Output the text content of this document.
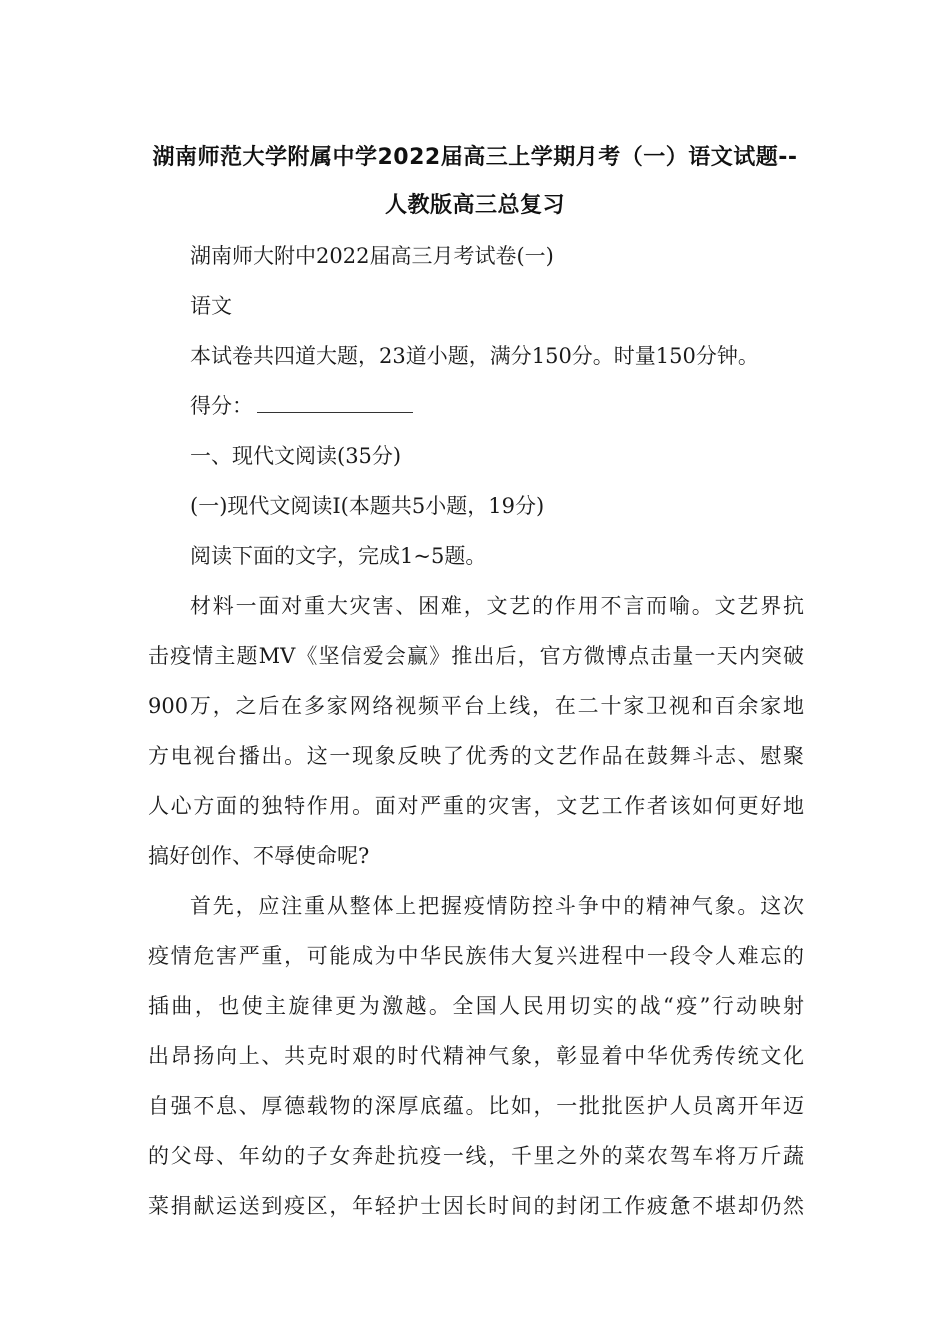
湖南师范大学附属中学2022届高三上学期月考（一）语文试题--
人教版高三总复习
湖南师大附中2022届高三月考试卷(一)
语文
本试卷共四道大题，23道小题，满分150分。时量150分钟。
得分：
一、现代文阅读(35分)
(一)现代文阅读Ⅰ(本题共5小题，19分)
阅读下面的文字，完成1~5题。
材料一面对重大灾害、困难，文艺的作用不言而喻。文艺界抗
击疫情主题MV《坚信爱会赢》推出后，官方微博点击量一天内突破
900万，之后在多家网络视频平台上线，在二十家卫视和百余家地
方电视台播出。这一现象反映了优秀的文艺作品在鼓舞斗志、慰聚
人心方面的独特作用。面对严重的灾害，文艺工作者该如何更好地
搞好创作、不辱使命呢?
首先，应注重从整体上把握疫情防控斗争中的精神气象。这次
疫情危害严重，可能成为中华民族伟大复兴进程中一段令人难忘的
插曲，也使主旋律更为激越。全国人民用切实的战“疫”行动映射
出昂扬向上、共克时艰的时代精神气象，彰显着中华优秀传统文化
自强不息、厚德载物的深厚底蕴。比如，一批批医护人员离开年迈
的父母、年幼的子女奔赴抗疫一线，千里之外的菜农驾车将万斤蔬
菜捐献运送到疫区，年轻护士因长时间的封闭工作疲惫不堪却仍然
